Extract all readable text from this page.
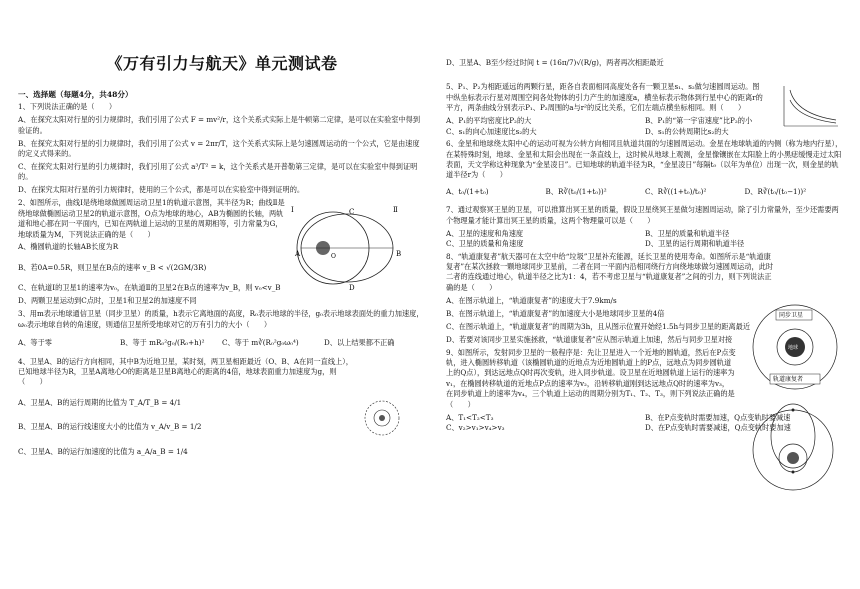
《万有引力与航天》单元测试卷
一、选择题（每题4分，共48分）

1、下列说法正确的是（　　）

A、在探究太阳对行星的引力规律时，我们引用了公式 F = mv²/r，这个关系式实际上是牛顿第二定律，是可以在实验室中得到验证的。

B、在探究太阳对行星的引力规律时，我们引用了公式 v = 2πr/T，这个关系式实际上是匀速圆周运动的一个公式，它是由速度的定义式得来的。

C、在探究太阳对行星的引力规律时，我们引用了公式 a³/T² = k，这个关系式是开普勒第三定律，是可以在实验室中得到证明的。

D、在探究太阳对行星的引力规律时，使用的三个公式，都是可以在实验室中得到证明的。

2、如图所示，曲线Ⅰ是绕地球做圆周运动卫星1的轨道示意图，其半径为R；曲线Ⅱ是绕地球做椭圆运动卫星2的轨道示意图，O点为地球的地心，AB为椭圆的长轴，两轨道和地心都在同一平面内，已知在两轨道上运动的卫星的周期相等，引力常量为G，地球质量为M，下列说法正确的是（　　）

A、椭圆轨道的长轴AB长度为R

B、若0A=0.5R，则卫星在B点的速率 v_B < √(2GM/3R)

C、在轨道Ⅰ的卫星1的速率为v₀，在轨道Ⅱ的卫星2在B点的速率为v_B，则 v₀<v_B

D、两颗卫星运动到C点时，卫星1和卫星2的加速度不同

3、用m表示地球通信卫星（同步卫星）的质量，h表示它离地面的高度，R₀表示地球的半径，g₀表示地球表面处的重力加速度，ω₀表示地球自转的角速度，则通信卫星所受地球对它的万有引力的大小（　　）

A、等于零	B、等于 mR₀²g₀/(R₀+h)²	C、等于 m∛(R₀²g₀ω₀⁴)	D、以上结果都不正确

4、卫星A、B的运行方向相同，其中B为近地卫星，某时刻，两卫星相距最近（O、B、A在同一直线上），已知地球半径为R，卫星A离地心O的距离是卫星B离地心的距离的4倍，地球表面重力加速度为g，则（　　）

A、卫星A、B的运行周期的比值为 T_A/T_B = 4/1

B、卫星A、B的运行线速度大小的比值为 v_A/v_B = 1/2

C、卫星A、B的运行加速度的比值为 a_A/a_B = 1/4

Ⅰ	Ⅱ
A	B
C
D
O

D、卫星A、B至少经过时间 t = (16π/7)√(R/g)，两者再次相距最近

5、P₁、P₂为相距遥远的两颗行星，距各自表面相同高度处各有一颗卫星s₁、s₂做匀速圆周运动。图中纵坐标表示行星对周围空间各处物体的引力产生的加速度a，横坐标表示物体到行星中心的距离r的平方，两条曲线分别表示P₁、P₂周围的a与r²的反比关系，它们左端点横坐标相同。则（　　）

A、P₁的平均密度比P₂的大	B、P₁的“第一宇宙速度”比P₂的小
C、s₁的向心加速度比s₂的大	D、s₁的公转周期比s₂的大

6、金星和地球绕太阳中心的运动可视为公转方向相同且轨道共面的匀速圆周运动。金星在地球轨道的内侧（称为地内行星），在某特殊时刻，地球、金星和太阳会出现在一条直线上，这时候从地球上观测，金星像镶嵌在太阳脸上的小黑痣缓慢走过太阳表面，天文学称这种现象为“金星凌日”。已知地球的轨道半径为R，“金星凌日”每隔t₀（以年为单位）出现一次，则金星的轨道半径r为（　　）

A、t₀/(1+t₀)	B、R∛(t₀/(1+t₀))²	C、R∛((1+t₀)/t₀)²	D、R∛(t₀/(t₀−1))²

7、通过观察冥王星的卫星，可以推算出冥王星的质量，假设卫星绕冥王星做匀速圆周运动，除了引力常量外，至少还需要两个物理量才能计算出冥王星的质量，这两个物理量可以是（　　）

A、卫星的速度和角速度	B、卫星的质量和轨道半径
C、卫星的质量和角速度	D、卫星的运行周期和轨道半径

8、“轨道康复者”航天器可在太空中给“垃圾”卫星补充能源，延长卫星的使用寿命。如图所示是“轨道康复者”在某次拯救一颗地球同步卫星前，二者在同一平面内沿相同绕行方向绕地球做匀速圆周运动，此时二者的连线通过地心，轨道半径之比为1：4，若不考虑卫星与“轨道康复者”之间的引力，则下列说法正确的是（　　）

A、在图示轨道上，“轨道康复者”的速度大于7.9km/s

B、在图示轨道上，“轨道康复者”的加速度大小是地球同步卫星的4倍

C、在图示轨道上，“轨道康复者”的周期为3h，且从图示位置开始经1.5h与同步卫星的距离最近

D、若要对该同步卫星实施拯救，“轨道康复者”应从图示轨道上加速，然后与同步卫星对接

9、如图所示，发射同步卫星的一般程序是：先让卫星进入一个近地的圆轨道，然后在P点变轨，进入椭圆转移轨道（该椭圆轨道的近地点为近地圆轨道上的P点，远地点为同步圆轨道上的Q点），到达远地点Q时再次变轨，进入同步轨道。设卫星在近地圆轨道上运行的速率为v₁，在椭圆转移轨道的近地点P点的速率为v₂，沿转移轨道刚到达远地点Q时的速率为v₃，在同步轨道上的速率为v₄，三个轨道上运动的周期分别为T₁、T₂、T₃，则下列说法正确的是（　　）

A、T₁<T₂<T₃	B、在P点变轨时需要加速，Q点变轨时要减速
C、v₂>v₁>v₄>v₃	D、在P点变轨时需要减速，Q点变轨时要加速
地球
同步卫星
轨道康复者
